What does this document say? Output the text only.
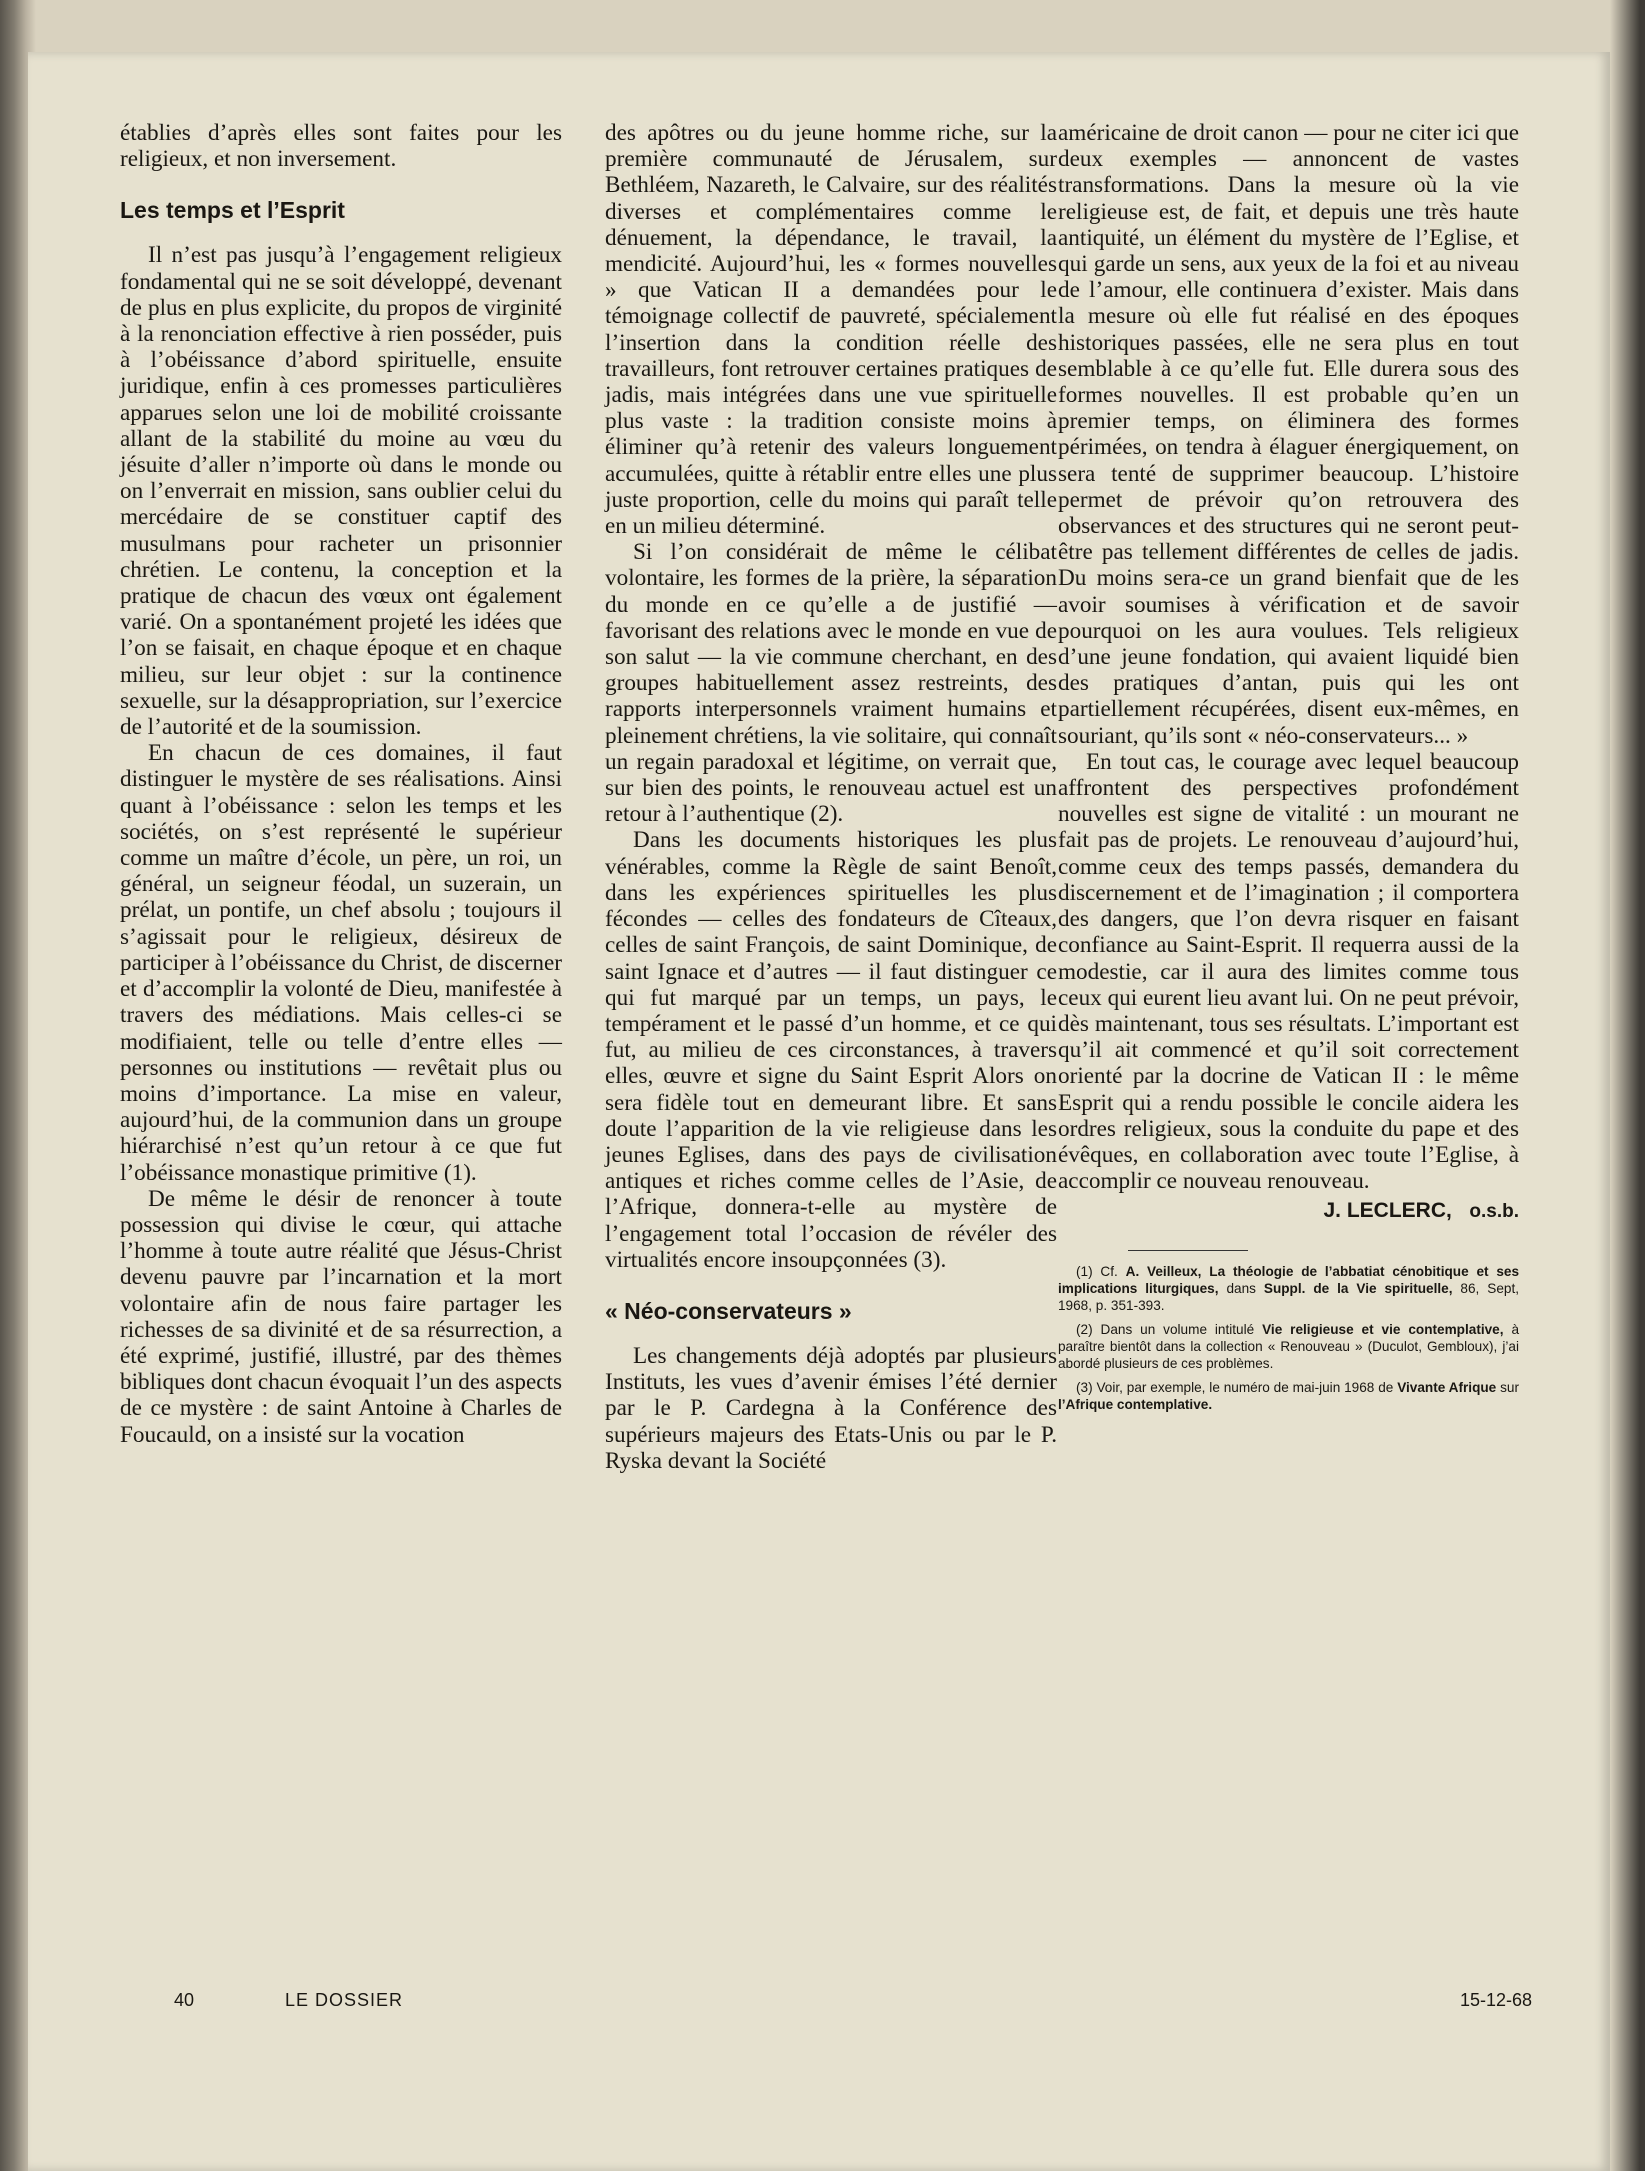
établies d’après elles sont faites pour les religieux, et non inversement.

Les temps et l’Esprit

Il n’est pas jusqu’à l’engagement religieux fondamental qui ne se soit développé, devenant de plus en plus explicite, du propos de virginité à la renonciation effective à rien posséder, puis à l’obéissance d’abord spirituelle, ensuite juridique, enfin à ces promesses particulières apparues selon une loi de mobilité croissante allant de la stabilité du moine au vœu du jésuite d’aller n’importe où dans le monde ou on l’enverrait en mission, sans oublier celui du mercédaire de se constituer captif des musulmans pour racheter un prisonnier chrétien. Le contenu, la conception et la pratique de chacun des vœux ont également varié. On a spontanément projeté les idées que l’on se faisait, en chaque époque et en chaque milieu, sur leur objet : sur la continence sexuelle, sur la désappropriation, sur l’exercice de l’autorité et de la soumission.

En chacun de ces domaines, il faut distinguer le mystère de ses réalisations. Ainsi quant à l’obéissance : selon les temps et les sociétés, on s’est représenté le supérieur comme un maître d’école, un père, un roi, un général, un seigneur féodal, un suzerain, un prélat, un pontife, un chef absolu ; toujours il s’agissait pour le religieux, désireux de participer à l’obéissance du Christ, de discerner et d’accomplir la volonté de Dieu, manifestée à travers des médiations. Mais celles-ci se modifiaient, telle ou telle d’entre elles — personnes ou institutions — revêtait plus ou moins d’importance. La mise en valeur, aujourd’hui, de la communion dans un groupe hiérarchisé n’est qu’un retour à ce que fut l’obéissance monastique primitive (1).

De même le désir de renoncer à toute possession qui divise le cœur, qui attache l’homme à toute autre réalité que Jésus-Christ devenu pauvre par l’incarnation et la mort volontaire afin de nous faire partager les richesses de sa divinité et de sa résurrection, a été exprimé, justifié, illustré, par des thèmes bibliques dont chacun évoquait l’un des aspects de ce mystère : de saint Antoine à Charles de Foucauld, on a insisté sur la vocation

des apôtres ou du jeune homme riche, sur la première communauté de Jérusalem, sur Bethléem, Nazareth, le Calvaire, sur des réalités diverses et complémentaires comme le dénuement, la dépendance, le travail, la mendicité. Aujourd’hui, les « formes nouvelles » que Vatican II a demandées pour le témoignage collectif de pauvreté, spécialement l’insertion dans la condition réelle des travailleurs, font retrouver certaines pratiques de jadis, mais intégrées dans une vue spirituelle plus vaste : la tradition consiste moins à éliminer qu’à retenir des valeurs longuement accumulées, quitte à rétablir entre elles une plus juste proportion, celle du moins qui paraît telle en un milieu déterminé.

Si l’on considérait de même le célibat volontaire, les formes de la prière, la séparation du monde en ce qu’elle a de justifié — favorisant des relations avec le monde en vue de son salut — la vie commune cherchant, en des groupes habituellement assez restreints, des rapports interpersonnels vraiment humains et pleinement chrétiens, la vie solitaire, qui connaît un regain paradoxal et légitime, on verrait que, sur bien des points, le renouveau actuel est un retour à l’authentique (2).

Dans les documents historiques les plus vénérables, comme la Règle de saint Benoît, dans les expériences spirituelles les plus fécondes — celles des fondateurs de Cîteaux, celles de saint François, de saint Dominique, de saint Ignace et d’autres — il faut distinguer ce qui fut marqué par un temps, un pays, le tempérament et le passé d’un homme, et ce qui fut, au milieu de ces circonstances, à travers elles, œuvre et signe du Saint Esprit Alors on sera fidèle tout en demeurant libre. Et sans doute l’apparition de la vie religieuse dans les jeunes Eglises, dans des pays de civilisation antiques et riches comme celles de l’Asie, de l’Afrique, donnera-t-elle au mystère de l’engagement total l’occasion de révéler des virtualités encore insoupçonnées (3).

« Néo-conservateurs »

Les changements déjà adoptés par plusieurs Instituts, les vues d’avenir émises l’été dernier par le P. Cardegna à la Conférence des supérieurs majeurs des Etats-Unis ou par le P. Ryska devant la Société

américaine de droit canon — pour ne citer ici que deux exemples — annoncent de vastes transformations. Dans la mesure où la vie religieuse est, de fait, et depuis une très haute antiquité, un élément du mystère de l’Eglise, et qui garde un sens, aux yeux de la foi et au niveau de l’amour, elle continuera d’exister. Mais dans la mesure où elle fut réalisé en des époques historiques passées, elle ne sera plus en tout semblable à ce qu’elle fut. Elle durera sous des formes nouvelles. Il est probable qu’en un premier temps, on éliminera des formes périmées, on tendra à élaguer énergiquement, on sera tenté de supprimer beaucoup. L’histoire permet de prévoir qu’on retrouvera des observances et des structures qui ne seront peut-être pas tellement différentes de celles de jadis. Du moins sera-ce un grand bienfait que de les avoir soumises à vérification et de savoir pourquoi on les aura voulues. Tels religieux d’une jeune fondation, qui avaient liquidé bien des pratiques d’antan, puis qui les ont partiellement récupérées, disent eux-mêmes, en souriant, qu’ils sont « néo-conservateurs... »

En tout cas, le courage avec lequel beaucoup affrontent des perspectives profondément nouvelles est signe de vitalité : un mourant ne fait pas de projets. Le renouveau d’aujourd’hui, comme ceux des temps passés, demandera du discernement et de l’imagination ; il comportera des dangers, que l’on devra risquer en faisant confiance au Saint-Esprit. Il requerra aussi de la modestie, car il aura des limites comme tous ceux qui eurent lieu avant lui. On ne peut prévoir, dès maintenant, tous ses résultats. L’important est qu’il ait commencé et qu’il soit correctement orienté par la docrine de Vatican II : le même Esprit qui a rendu possible le concile aidera les ordres religieux, sous la conduite du pape et des évêques, en collaboration avec toute l’Eglise, à accomplir ce nouveau renouveau.

J. LECLERC, o.s.b.

(1) Cf. A. Veilleux, La théologie de l’abbatiat cénobitique et ses implications liturgiques, dans Suppl. de la Vie spirituelle, 86, Sept, 1968, p. 351-393.

(2) Dans un volume intitulé Vie religieuse et vie contemplative, à paraître bientôt dans la collection « Renouveau » (Duculot, Gembloux), j’ai abordé plusieurs de ces problèmes.

(3) Voir, par exemple, le numéro de mai-juin 1968 de Vivante Afrique sur l’Afrique contemplative.

40	LE DOSSIER	15-12-68
